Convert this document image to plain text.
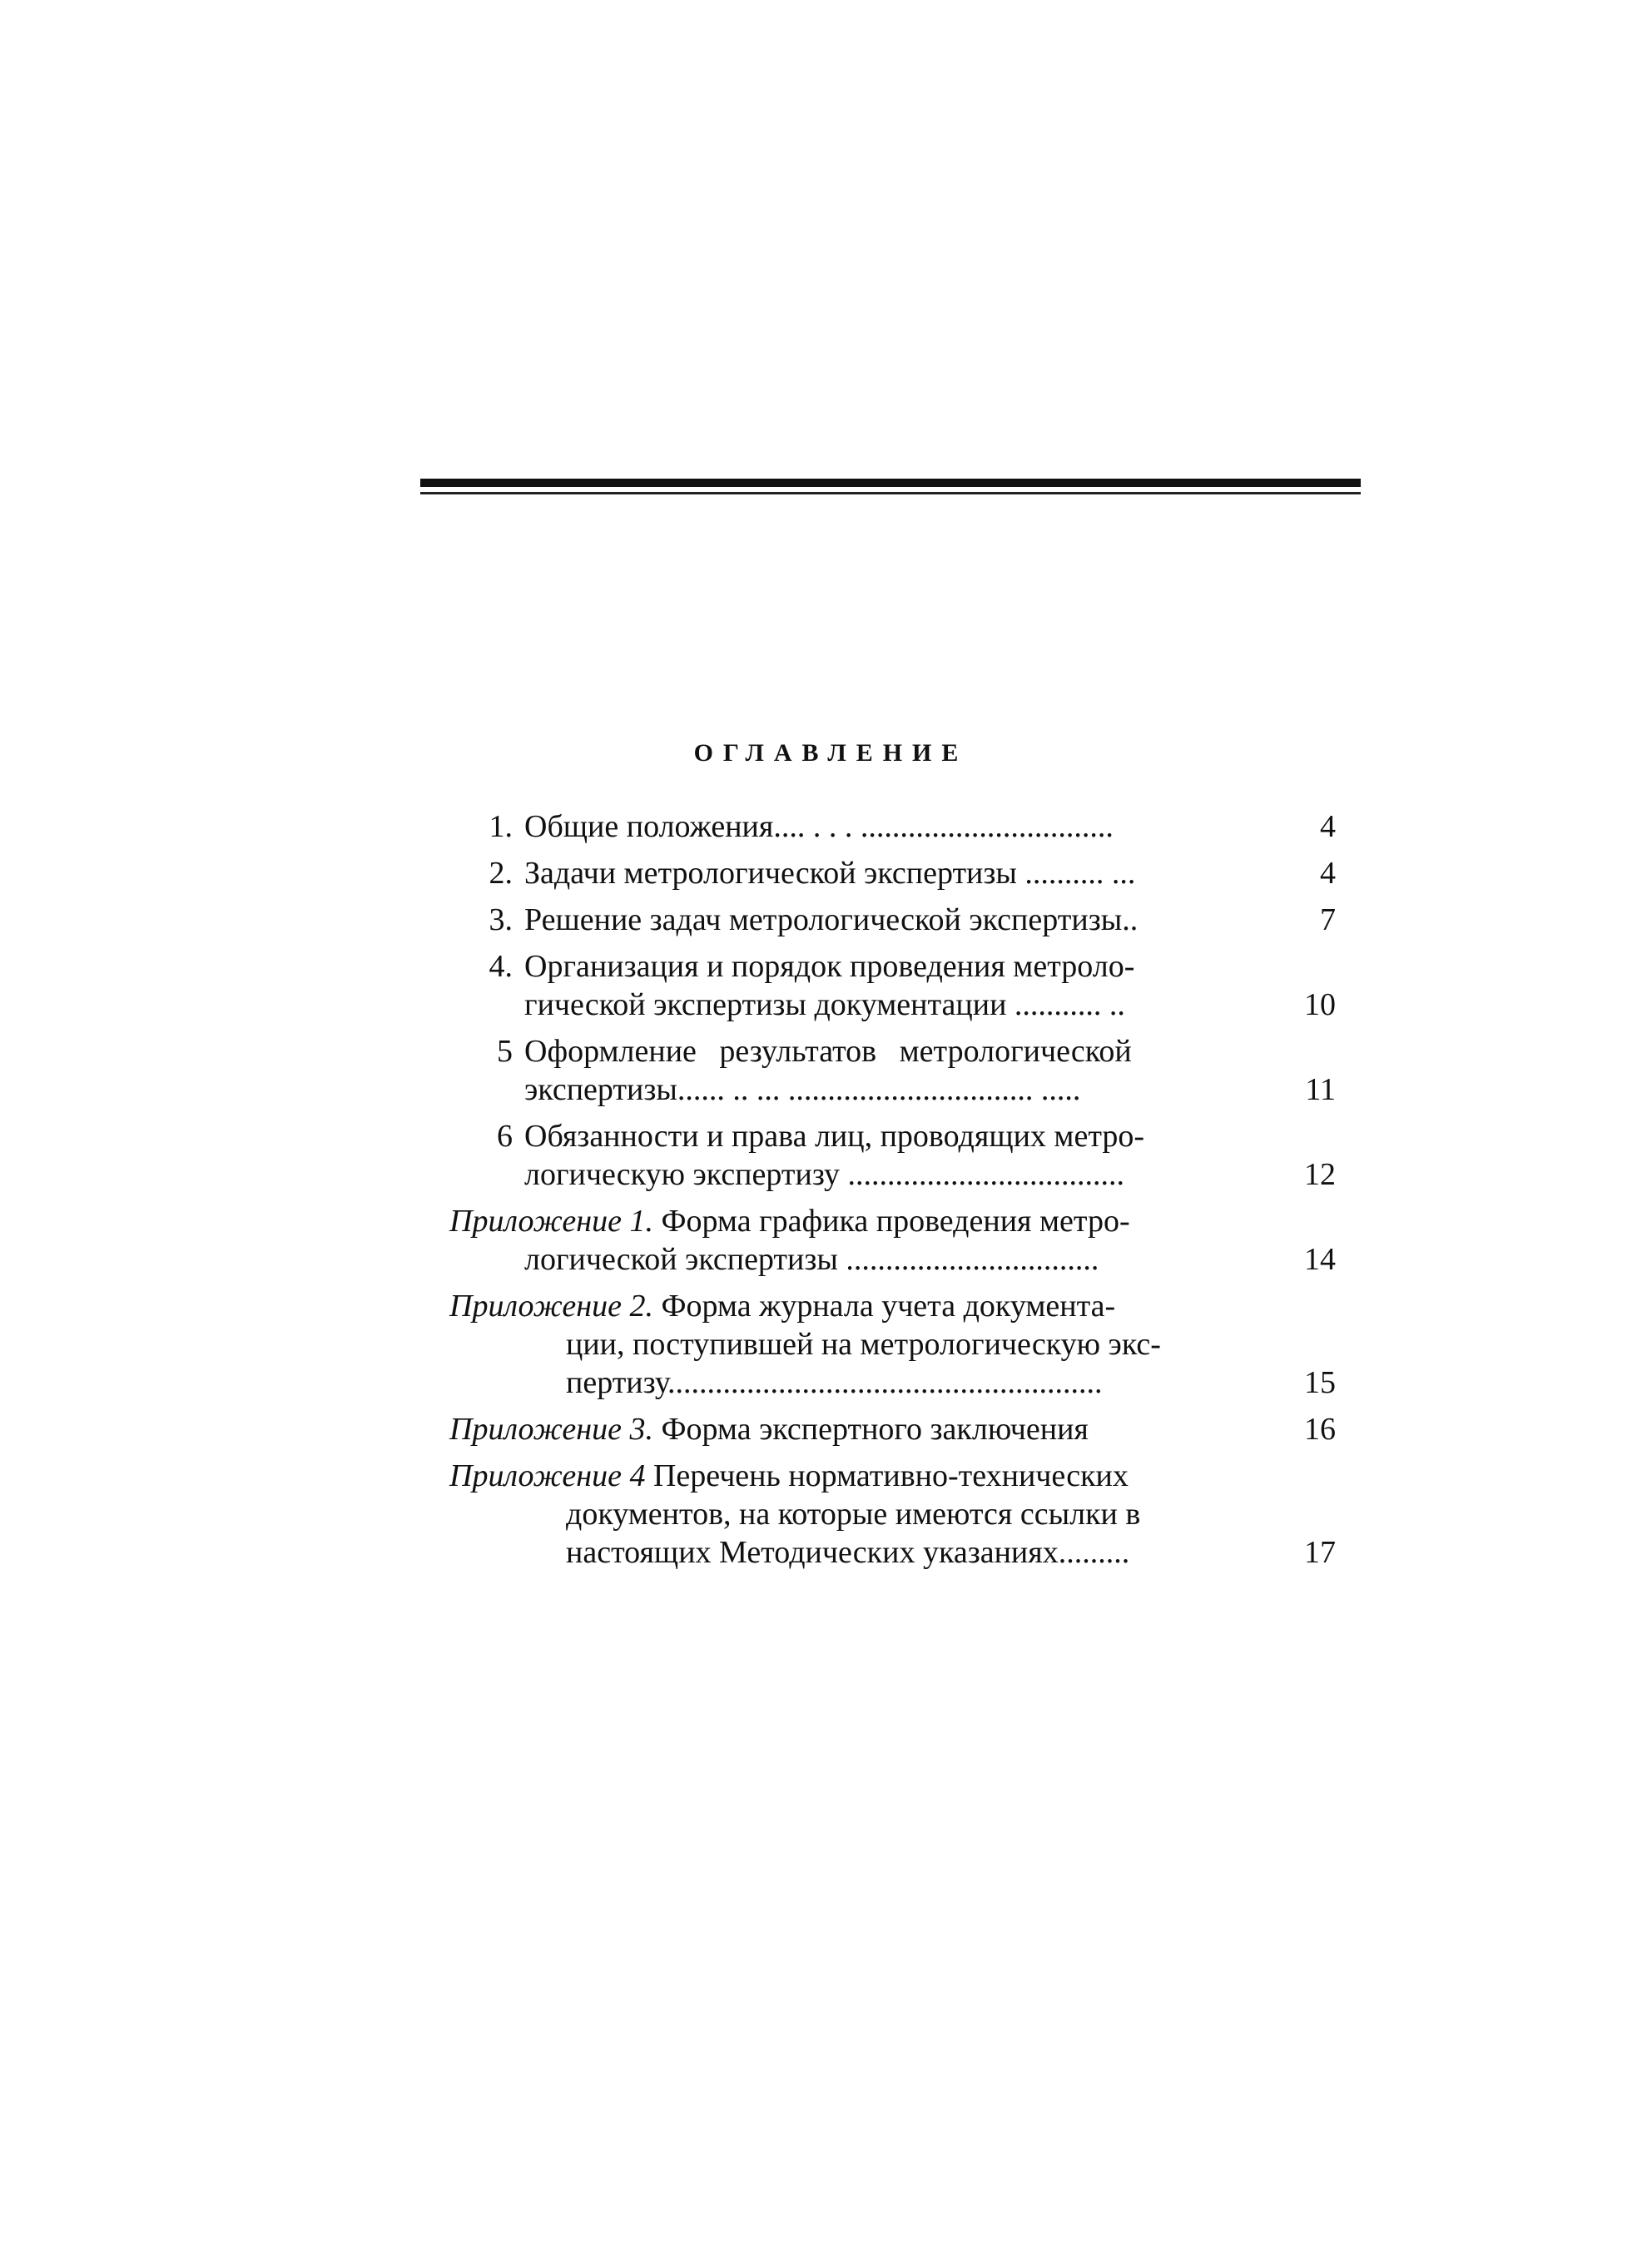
ОГЛАВЛЕНИЕ
1. Общие положения.... . . . ................................	4
2. Задачи метрологической экспертизы .......... ...	4
3. Решение задач метрологической экспертизы..	7
4. Организация и порядок проведения метроло-
гической экспертизы документации ........... ..	10
5 Оформление результатов метрологической
экспертизы...... .. ... ............................... .....	11
6 Обязанности и права лиц, проводящих метро-
логическую экспертизу ...................................	12
Приложение 1. Форма графика проведения метро-
логической экспертизы ................................	14
Приложение 2. Форма журнала учета документа-
ции, поступившей на метрологическую экс-
пертизу.......................................................	15
Приложение 3. Форма экспертного заключения	16
Приложение 4 Перечень нормативно-технических
документов, на которые имеются ссылки в
настоящих Методических указаниях.........	17
